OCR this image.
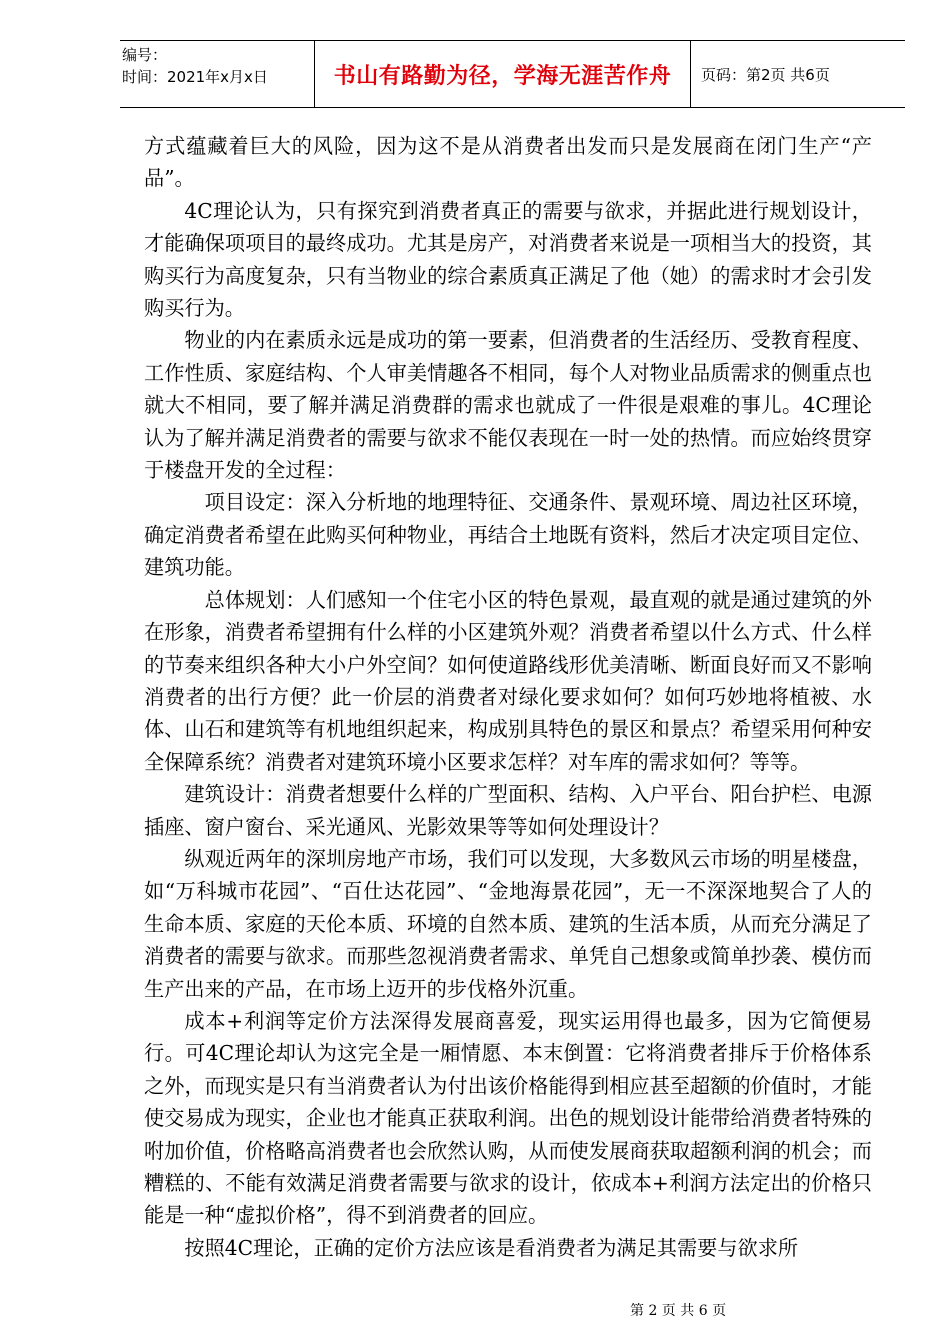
编号：
时间：2021年x月x日	书山有路勤为径，学海无涯苦作舟	页码：第2页 共6页

方式蕴藏着巨大的风险，因为这不是从消费者出发而只是发展商在闭门生产“产品”。

4C理论认为，只有探究到消费者真正的需要与欲求，并据此进行规划设计，才能确保项项目的最终成功。尤其是房产，对消费者来说是一项相当大的投资，其购买行为高度复杂，只有当物业的综合素质真正满足了他（她）的需求时才会引发购买行为。

物业的内在素质永远是成功的第一要素，但消费者的生活经历、受教育程度、工作性质、家庭结构、个人审美情趣各不相同，每个人对物业品质需求的侧重点也就大不相同，要了解并满足消费群的需求也就成了一件很是艰难的事儿。4C理论认为了解并满足消费者的需要与欲求不能仅表现在一时一处的热情。而应始终贯穿于楼盘开发的全过程：

项目设定：深入分析地的地理特征、交通条件、景观环境、周边社区环境，确定消费者希望在此购买何种物业，再结合土地既有资料，然后才决定项目定位、建筑功能。

总体规划：人们感知一个住宅小区的特色景观，最直观的就是通过建筑的外在形象，消费者希望拥有什么样的小区建筑外观？消费者希望以什么方式、什么样的节奏来组织各种大小户外空间？如何使道路线形优美清晰、断面良好而又不影响消费者的出行方便？此一价层的消费者对绿化要求如何？如何巧妙地将植被、水体、山石和建筑等有机地组织起来，构成别具特色的景区和景点？希望采用何种安全保障系统？消费者对建筑环境小区要求怎样？对车库的需求如何？等等。

建筑设计：消费者想要什么样的广型面积、结构、入户平台、阳台护栏、电源插座、窗户窗台、采光通风、光影效果等等如何处理设计？

纵观近两年的深圳房地产市场，我们可以发现，大多数风云市场的明星楼盘，如“万科城市花园”、“百仕达花园”、“金地海景花园”，无一不深深地契合了人的生命本质、家庭的天伦本质、环境的自然本质、建筑的生活本质，从而充分满足了消费者的需要与欲求。而那些忽视消费者需求、单凭自己想象或简单抄袭、模仿而生产出来的产品，在市场上迈开的步伐格外沉重。

成本+利润等定价方法深得发展商喜爱，现实运用得也最多，因为它简便易行。可4C理论却认为这完全是一厢情愿、本末倒置：它将消费者排斥于价格体系之外，而现实是只有当消费者认为付出该价格能得到相应甚至超额的价值时，才能使交易成为现实，企业也才能真正获取利润。出色的规划设计能带给消费者特殊的咐加价值，价格略高消费者也会欣然认购，从而使发展商获取超额利润的机会；而糟糕的、不能有效满足消费者需要与欲求的设计，依成本+利润方法定出的价格只能是一种“虚拟价格”，得不到消费者的回应。

按照4C理论，正确的定价方法应该是看消费者为满足其需要与欲求所

第 2 页 共 6 页
